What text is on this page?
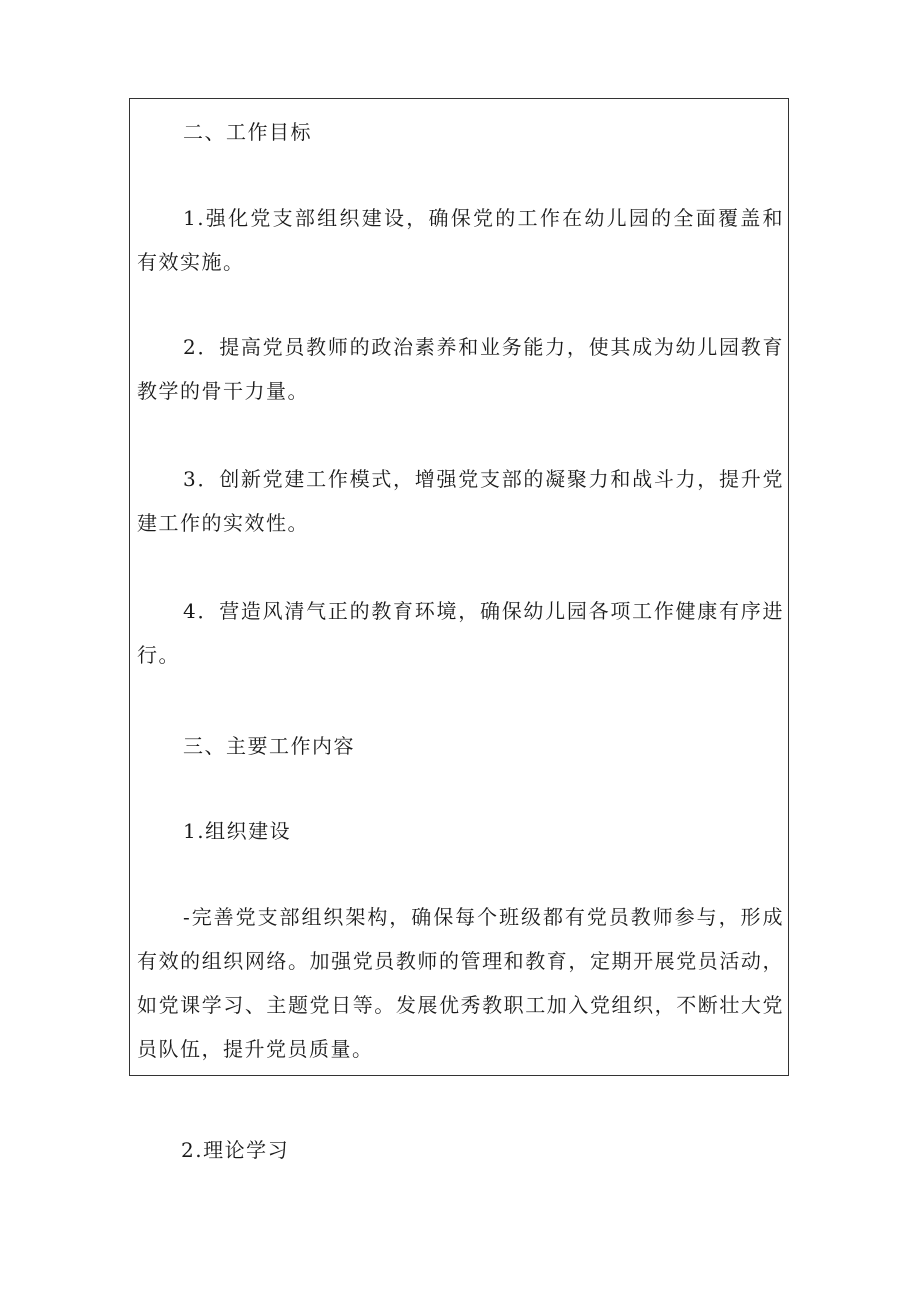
二、工作目标

1.强化党支部组织建设，确保党的工作在幼儿园的全面覆盖和有效实施。

2．提高党员教师的政治素养和业务能力，使其成为幼儿园教育教学的骨干力量。

3．创新党建工作模式，增强党支部的凝聚力和战斗力，提升党建工作的实效性。

4．营造风清气正的教育环境，确保幼儿园各项工作健康有序进行。

三、主要工作内容

1.组织建设

-完善党支部组织架构，确保每个班级都有党员教师参与，形成有效的组织网络。加强党员教师的管理和教育，定期开展党员活动，如党课学习、主题党日等。发展优秀教职工加入党组织，不断壮大党员队伍，提升党员质量。

2.理论学习
